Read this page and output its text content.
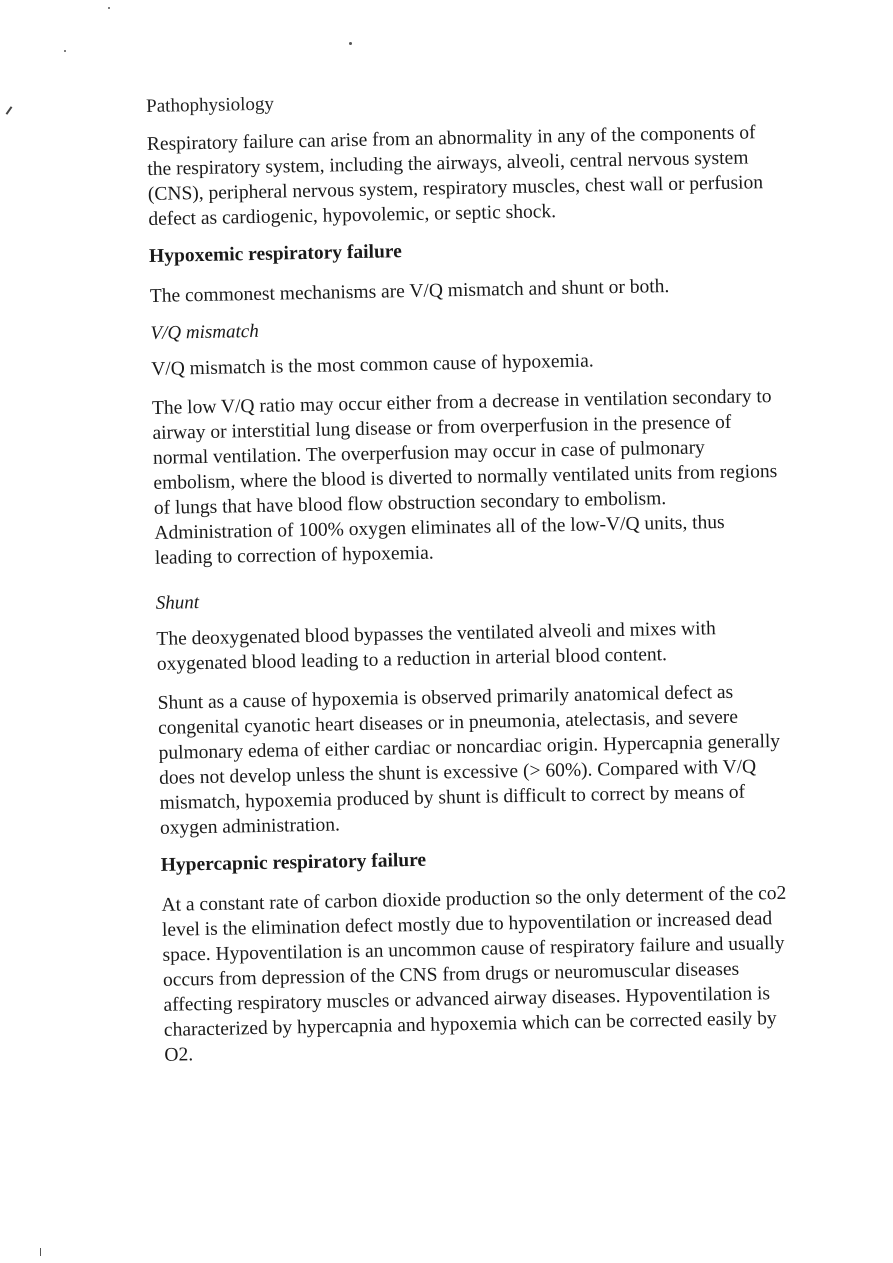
Pathophysiology

Respiratory failure can arise from an abnormality in any of the components of the respiratory system, including the airways, alveoli, central nervous system (CNS), peripheral nervous system, respiratory muscles, chest wall or perfusion defect as cardiogenic, hypovolemic, or septic shock.

Hypoxemic respiratory failure

The commonest mechanisms are V/Q mismatch and shunt or both.

V/Q mismatch

V/Q mismatch is the most common cause of hypoxemia.

The low V/Q ratio may occur either from a decrease in ventilation secondary to airway or interstitial lung disease or from overperfusion in the presence of normal ventilation. The overperfusion may occur in case of pulmonary embolism, where the blood is diverted to normally ventilated units from regions of lungs that have blood flow obstruction secondary to embolism. Administration of 100% oxygen eliminates all of the low-V/Q units, thus leading to correction of hypoxemia.

Shunt

The deoxygenated blood bypasses the ventilated alveoli and mixes with oxygenated blood leading to a reduction in arterial blood content.

Shunt as a cause of hypoxemia is observed primarily anatomical defect as congenital cyanotic heart diseases or in pneumonia, atelectasis, and severe pulmonary edema of either cardiac or noncardiac origin. Hypercapnia generally does not develop unless the shunt is excessive (> 60%). Compared with V/Q mismatch, hypoxemia produced by shunt is difficult to correct by means of oxygen administration.

Hypercapnic respiratory failure

At a constant rate of carbon dioxide production so the only determent of the co2 level is the elimination defect mostly due to hypoventilation or increased dead space. Hypoventilation is an uncommon cause of respiratory failure and usually occurs from depression of the CNS from drugs or neuromuscular diseases affecting respiratory muscles or advanced airway diseases. Hypoventilation is characterized by hypercapnia and hypoxemia which can be corrected easily by O2.
